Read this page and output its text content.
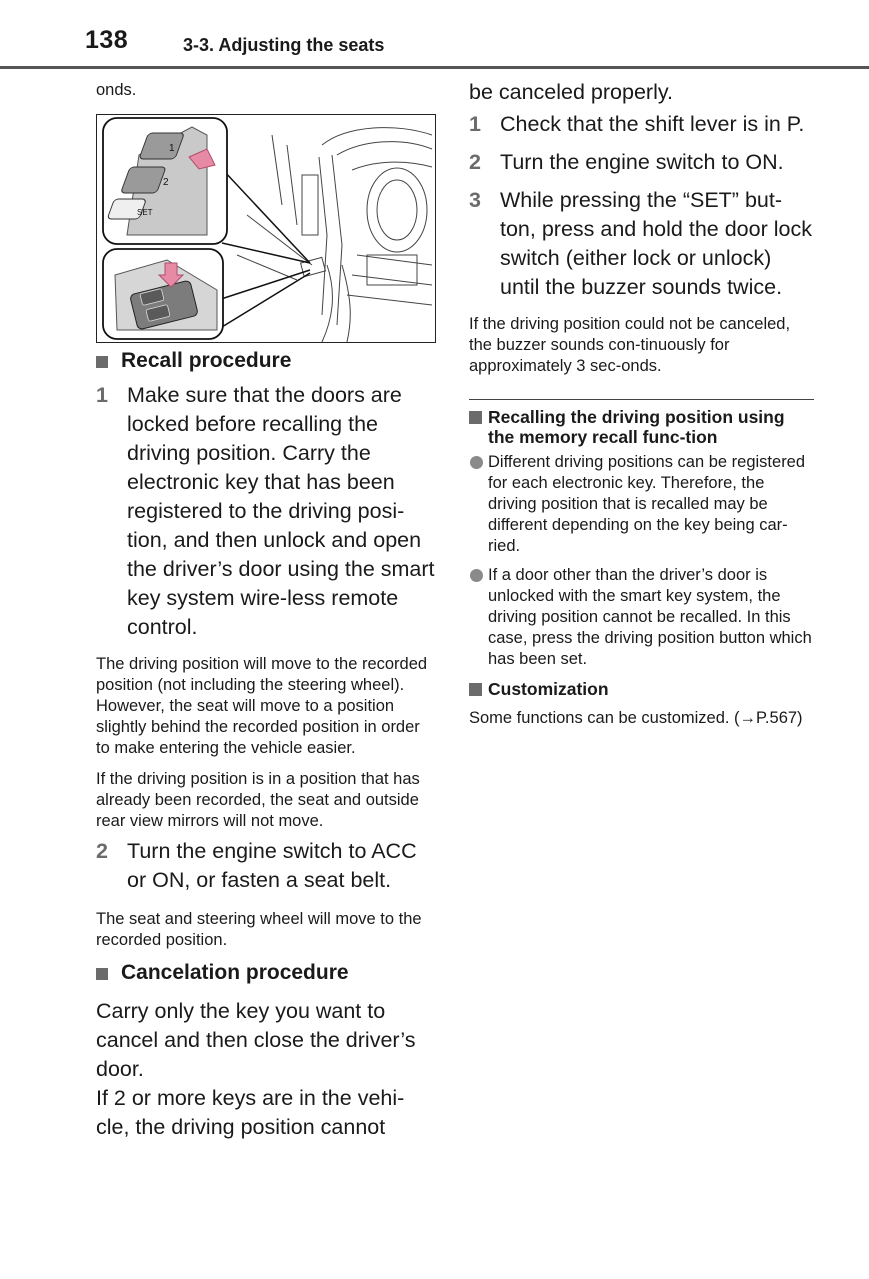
138	3-3. Adjusting the seats

onds.

1
2
SET
Recall procedure
1 Make sure that the doors are locked before recalling the driving position. Carry the electronic key that has been registered to the driving posi-tion, and then unlock and open the driver’s door using the smart key system wire-less remote control.

The driving position will move to the recorded position (not including the steering wheel). However, the seat will move to a position slightly behind the recorded position in order to make entering the vehicle easier.

If the driving position is in a position that has already been recorded, the seat and outside rear view mirrors will not move.

2 Turn the engine switch to ACC or ON, or fasten a seat belt.

The seat and steering wheel will move to the recorded position.

Cancelation procedure

Carry only the key you want to cancel and then close the driver’s door.

If 2 or more keys are in the vehi-cle, the driving position cannot

be canceled properly.

1 Check that the shift lever is in P.
2 Turn the engine switch to ON.
3 While pressing the “SET” but-ton, press and hold the door lock switch (either lock or unlock) until the buzzer sounds twice.

If the driving position could not be canceled, the buzzer sounds con-tinuously for approximately 3 sec-onds.

Recalling the driving position using the memory recall func-tion
Different driving positions can be registered for each electronic key. Therefore, the driving position that is recalled may be different depending on the key being car-ried.
If a door other than the driver’s door is unlocked with the smart key system, the driving position cannot be recalled. In this case, press the driving position button which has been set.
Customization

Some functions can be customized. (→P.567)
